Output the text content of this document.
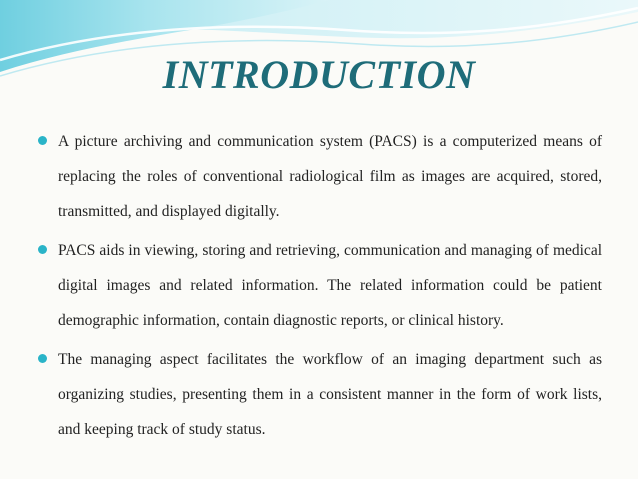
INTRODUCTION
A picture archiving and communication system (PACS) is a computerized means of replacing the roles of conventional radiological film as images are acquired, stored, transmitted, and displayed digitally.
PACS aids in viewing, storing and retrieving, communication and managing of medical digital images and related information. The related information could be patient demographic information, contain diagnostic reports, or clinical history.
The managing aspect facilitates the workflow of an imaging department such as organizing studies, presenting them in a consistent manner in the form of work lists, and keeping track of study status.
